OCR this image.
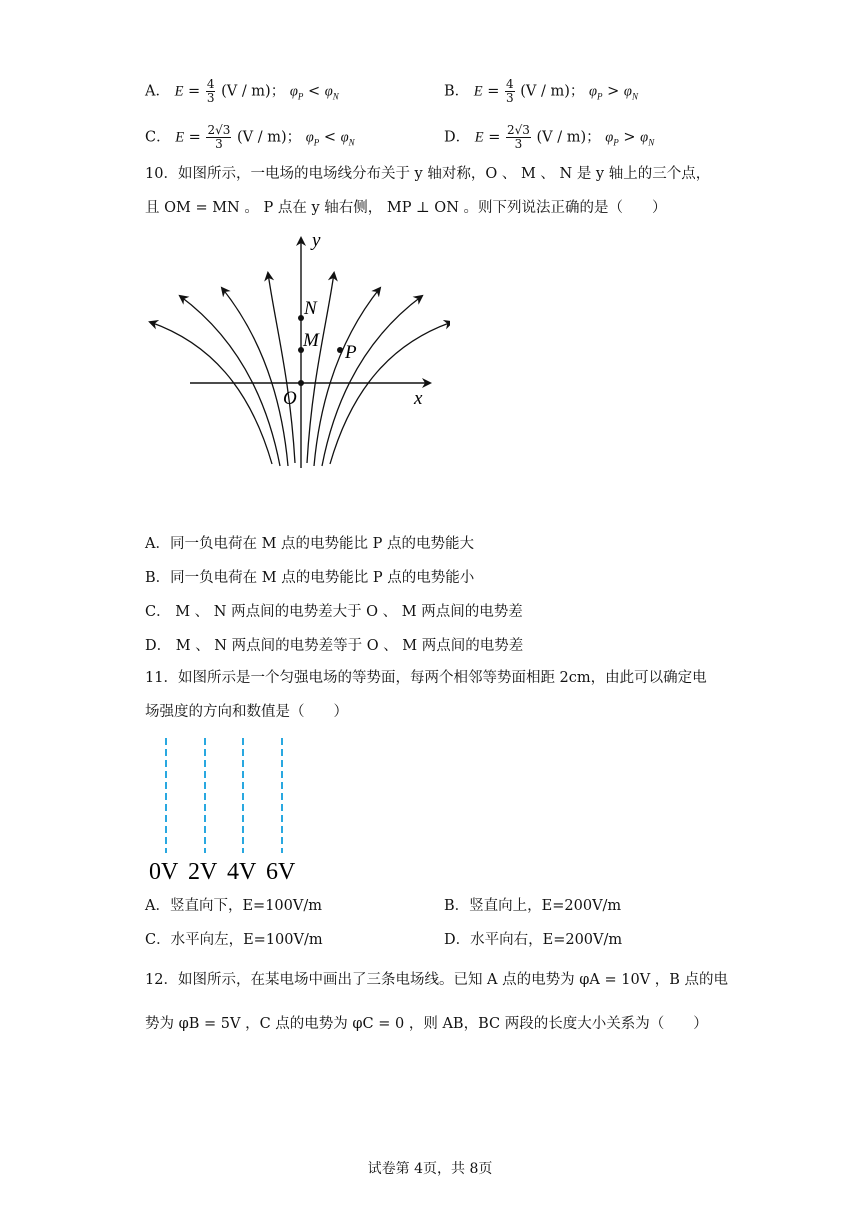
A． $E = \frac{4}{3} (V / m)$； $\varphi_P < \varphi_N$	B． $E = \frac{4}{3} (V / m)$； $\varphi_P > \varphi_N$
C． $E = \frac{2√3}{3} (V / m)$； $\varphi_P < \varphi_N$	D． $E = \frac{2√3}{3} (V / m)$； $\varphi_P > \varphi_N$
10．如图所示，一电场的电场线分布关于 y 轴对称，O 、 M 、 N 是 y 轴上的三个点，
且 OM = MN 。 P 点在 y 轴右侧， MP ⊥ ON 。则下列说法正确的是（　　）
y
x
O
N
M
P
A．同一负电荷在 M 点的电势能比 P 点的电势能大
B．同一负电荷在 M 点的电势能比 P 点的电势能小
C． M 、 N 两点间的电势差大于 O 、 M 两点间的电势差
D． M 、 N 两点间的电势差等于 O 、 M 两点间的电势差
11．如图所示是一个匀强电场的等势面，每两个相邻等势面相距 2cm，由此可以确定电
场强度的方向和数值是（　　）
0V 2V 4V 6V
A．竖直向下，E=100V/m	B．竖直向上，E=200V/m
C．水平向左，E=100V/m	D．水平向右，E=200V/m
12．如图所示，在某电场中画出了三条电场线。已知 A 点的电势为 φA = 10V ，B 点的电
势为 φB = 5V ，C 点的电势为 φC = 0 ，则 AB，BC 两段的长度大小关系为（　　）
试卷第 4页，共 8页
